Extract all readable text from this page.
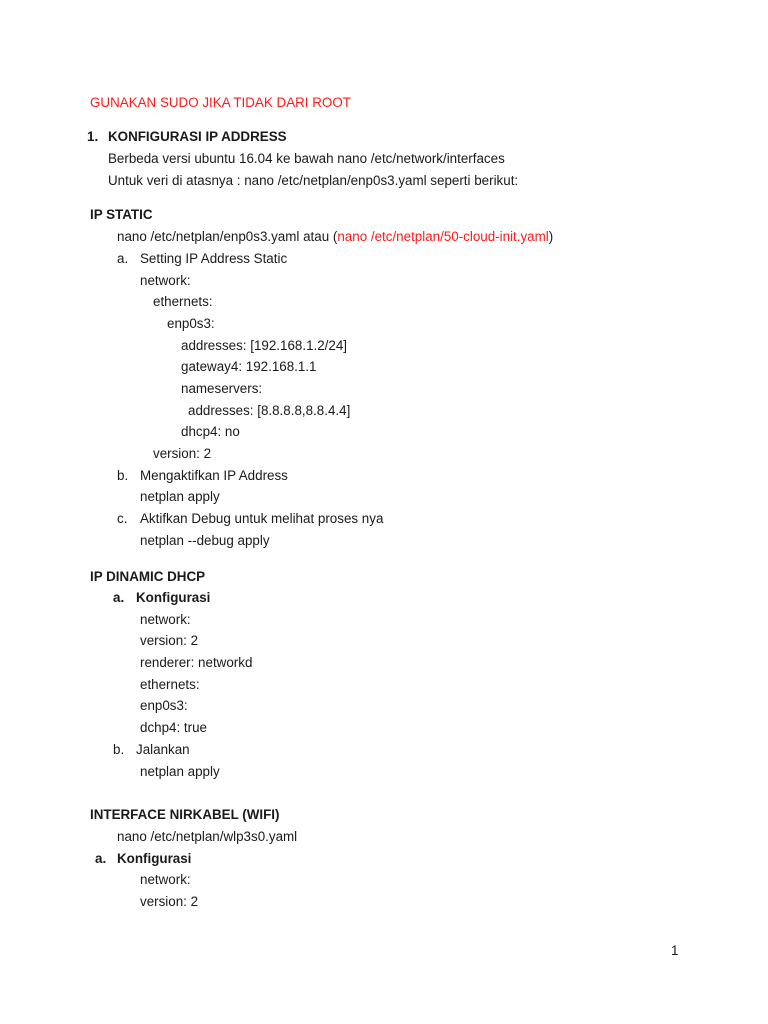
GUNAKAN SUDO JIKA TIDAK DARI ROOT
1. KONFIGURASI IP ADDRESS
Berbeda versi ubuntu 16.04 ke bawah nano /etc/network/interfaces
Untuk veri di atasnya : nano /etc/netplan/enp0s3.yaml seperti berikut:
IP STATIC
nano /etc/netplan/enp0s3.yaml atau (nano /etc/netplan/50-cloud-init.yaml)
a. Setting IP Address Static
network:
ethernets:
enp0s3:
addresses: [192.168.1.2/24]
gateway4: 192.168.1.1
nameservers:
addresses: [8.8.8.8,8.8.4.4]
dhcp4: no
version: 2
b. Mengaktifkan IP Address
netplan apply
c. Aktifkan Debug untuk melihat proses nya
netplan --debug apply
IP DINAMIC DHCP
a. Konfigurasi
network:
version: 2
renderer: networkd
ethernets:
enp0s3:
dchp4: true
b. Jalankan
netplan apply
INTERFACE NIRKABEL (WIFI)
nano /etc/netplan/wlp3s0.yaml
a. Konfigurasi
network:
version: 2
1
